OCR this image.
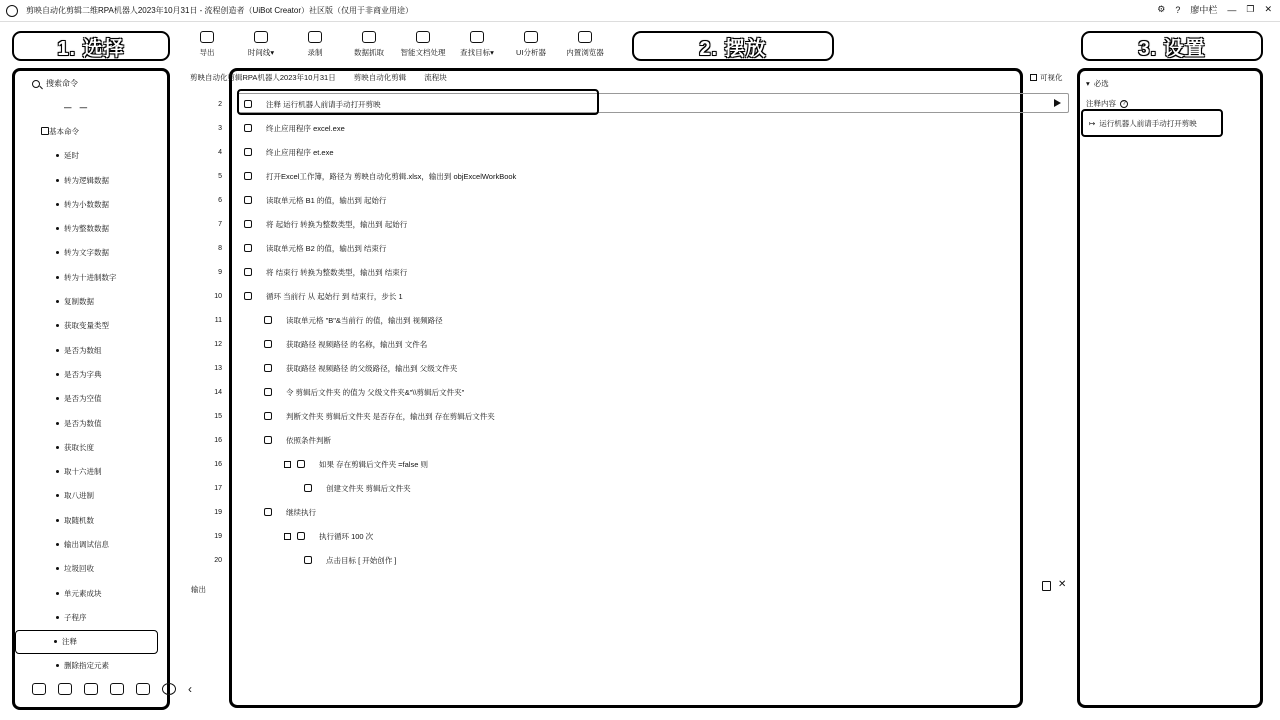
剪映自动化剪辑二维RPA机器人2023年10月31日 - 流程创造者（UiBot Creator）社区版（仅用于非商业用途）	⚙ ? 廖中栏 — ❐ ✕
导出	时间线▾	录制	数据抓取 智能文档处理 查找目标▾	UI分析器	内置浏览器
1. 选择	2. 摆放	3. 设置
搜索命令
— —
基本命令
延时
转为逻辑数据
转为小数数据
转为整数数据
转为文字数据
转为十进制数字
复制数据
获取变量类型
是否为数组
是否为字典
是否为空值
是否为数值
获取长度
取十六进制
取八进制
取随机数
输出调试信息
垃圾回收
单元素成块
子程序
注释
删除指定元素
‹
剪映自动化剪辑RPA机器人2023年10月31日 剪映自动化剪辑 流程块	可视化
2	注释 运行机器人前请手动打开剪映
3	终止应用程序 excel.exe
4	终止应用程序 et.exe
5	打开Excel工作簿，路径为 剪映自动化剪辑.xlsx，输出到 objExcelWorkBook
6	读取单元格 B1 的值，输出到 起始行
7	将 起始行 转换为整数类型，输出到 起始行
8	读取单元格 B2 的值，输出到 结束行
9	将 结束行 转换为整数类型，输出到 结束行
10	循环 当前行 从 起始行 到 结束行，步长 1
11	读取单元格 "B"&当前行 的值，输出到 视频路径
12	获取路径 视频路径 的名称，输出到 文件名
13	获取路径 视频路径 的父级路径，输出到 父级文件夹
14	令 剪辑后文件夹 的值为 父级文件夹&"\\剪辑后文件夹"
15	判断文件夹 剪辑后文件夹 是否存在，输出到 存在剪辑后文件夹
16	依照条件判断
16	如果 存在剪辑后文件夹 =false 则
17	创建文件夹 剪辑后文件夹
19	继续执行
19	执行循环 100 次
20	点击目标 [ 开始创作 ]
输出	✕
▾ 必选
注释内容	?
↦ 运行机器人前请手动打开剪映
